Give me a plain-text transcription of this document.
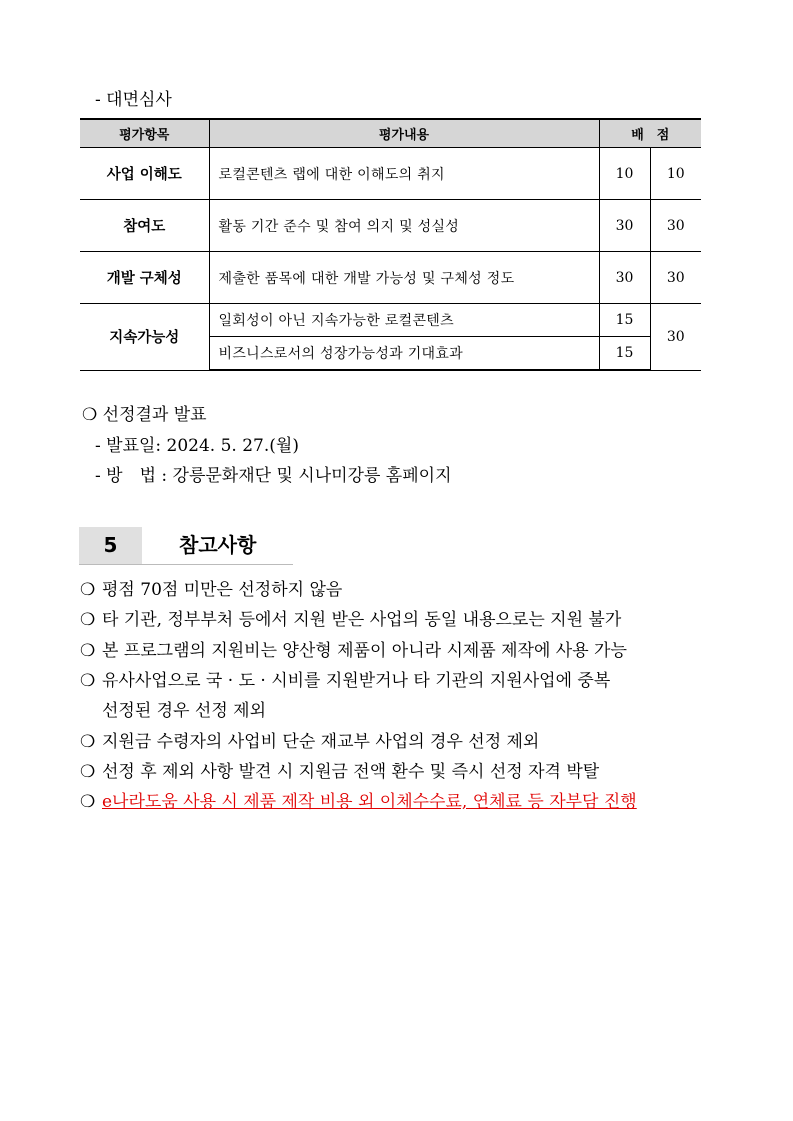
- 대면심사
평가항목	평가내용	배　점	
사업 이해도	로컬콘텐츠 랩에 대한 이해도의 취지	10	10
참여도	활동 기간 준수 및 참여 의지 및 성실성	30	30
개발 구체성	제출한 품목에 대한 개발 가능성 및 구체성 정도	30	30
지속가능성	일회성이 아닌 지속가능한 로컬콘텐츠	15	30
	비즈니스로서의 성장가능성과 기대효과	15	
❍ 선정결과 발표
- 발표일: 2024. 5. 27.(월)
- 방　법 : 강릉문화재단 및 시나미강릉 홈페이지
5	참고사항
❍ 평점 70점 미만은 선정하지 않음
❍ 타 기관, 정부부처 등에서 지원 받은 사업의 동일 내용으로는 지원 불가
❍ 본 프로그램의 지원비는 양산형 제품이 아니라 시제품 제작에 사용 가능
❍ 유사사업으로 국 · 도 · 시비를 지원받거나 타 기관의 지원사업에 중복
선정된 경우 선정 제외
❍ 지원금 수령자의 사업비 단순 재교부 사업의 경우 선정 제외
❍ 선정 후 제외 사항 발견 시 지원금 전액 환수 및 즉시 선정 자격 박탈
❍ e나라도움 사용 시 제품 제작 비용 외 이체수수료, 연체료 등 자부담 진행
